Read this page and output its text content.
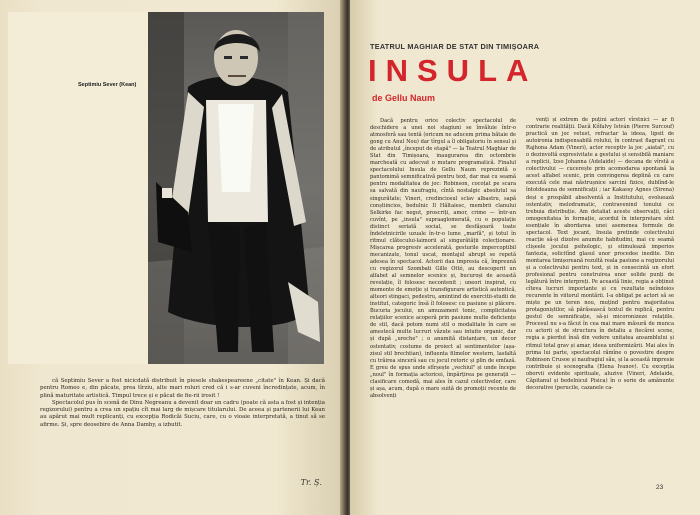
Septimiu Sever (Kean)

că Septimiu Sever a fost nicicdată distribuit în piesele shakespeareene „citate" în Kean. Și dacă pentru Romeo e, din păcate, prea tîrziu, alte mari roluri cred că i s-ar cuveni încredințate, acum, în plină maturitate artistică. Timpul trece și e păcat de fie-rii irosit !

Spectacolul pus în scenă de Dinu Negreanu a devenit doar un cadru (poate că asta a fost și intenția regizorului) pentru a crea un spațiu cît mai larg de mișcare titularului. De aceea și partenerii lui Kean au apărut mai mult replicanți, cu excepția Rodicăi Suciu, care, cu o vioaie interpretată, a tinut să se afirme. Și, spre deosebire de Anna Damby, a izbutit.

Tr. Ș.
TEATRUL MAGHIAR DE STAT DIN TIMIȘOARA
INSULA
de Gellu Naum

Dacă pentru orice colectiv spectacolul de deschidere a unei noi stagiuni se învăluie într-o atmosferă sau tentă (oricum ne aducem prima bătaie de gong cu Anul Nou) dar tîrgul a îl obligatoriu în sensul și de atributul „început de etapă" — la Teatrul Maghiar de Stat din Timișoara, inaugurarea din octombrie marcheată cu adecvat o mutare programatică. Finalul spectacolului Insula de Gellu Naum reprezintă o pantomimă semnificativă pentru text, dar mai cu seamă pentru modalitatea de joc: Robinson, cocoțat pe scara sa salvată din naufragiu, cîntă nostalgic absolutul sa singurătate; Vineri, credinciosul sclav albastru, sapă conștiincios, bedulnic Il Hăltaiesc, membrii clanului Selkirke fac negut, proscriți, amor, crime — într-un cuvînt, pe „insula" supraaglomerată, cu o populație distinct seriată social, se desfășoară toate îndeletnicirile uzuale în-tr-o lume „marfă", și totul în ritmul clătecului-laimorii al singurătății colecționare. Mișcarea progresiv accelerată, gesturile impercoptibil mecanizate, tonul uscat, montajul abrupt se repetă adesea în spectacol. Actorii dau impresia că, împreună cu regizorul Szombati Gille Ottó, au descoperit un alfabet al semnelor scenice și, bucuroși de această revelație, îl folosesc necontenit ; uneori inspirat, cu momente de emoție și transfigurare artistică autentică, alteori stingaci, pedestru, amintind de exercitii-studii de institut, categoric însă îl folosesc cu pasiune și plăcere. Bucuria jocului, un amuzament tonic, complicitatea relațiilor scenice acoperă prin pasiune multe deficiențe de stil, dacă potom numi stil o modalitate în care se amestecă multe lucruri văzute sau intuite organic, dar și după „ureche" ; o anumită distanțare, un decor ostentativ, costume de proiect al sentimentelor (așa-zisul stil brechtian), influenta filmelor western, lasfaltă cu trăirea sincerã sau cu jocul retoric și plin de emfază. E greu de spus unde sfîrșește „vechiul" și unde începe „noul" în formația actoricei, împărțirea pe generații — clasificare comodă, mai ales în cazul colectivelor, care și așa, acum, după o mare suită de promoții recente de absolvenți

venți și extrem de puțini actori vîrstnici — ar fi contrarie realității. Dacă Kőfalvy István (Pierre Surcouf) practică un joc vetust, refractar la ideea, lipsit de autoironia indispensabilă rolului, în contrast flagrant cu Rajhona Adam (Vineri), actor receptiv la joc „aiatal", cu o dezinvoltă expresivitate a gestului și sensibilă maniare a replicii, Izso Johanna (Adelaide) — decana de vîrstă a colectivului — cucerește prin acomodarea spontană la acest alfabet scenic, prin convingerea deplină cu care execută cele mai năstrușnice sarcini fizice, dublînd-le întotdeauna de semnificații ; iar Kakassy Agnes (Sirena) deși e prospăbil absolventă a Institutului, evoluează ostentativ, melodramatic, contravenind tonului ce trebuia distribuție. Am detaliat aceste observații, căci omogenitatea în formație, acordul în interpretare sînt esențiale în abordarea unei asemenea formule de spectacol. Text jocant, Insula pretinde colectivului reacție să-și dizolve anumite habitudini, mai cu seamă clișeele jocului psihologic, și stimulează imperios fantezia, solicitînd glasul unor procedee inedite. Din montarea timișoreană rezultă reala pasiune a regizorului și a colectivului pentru text, și in consecintă un efort profesional pentru construirea unor solide punți de legătură între interpreți. Pe această linie, regia a obținut cîteva lucruri importante și cu rezultate neîndoios recurente în viitorul montării. I-a obligat pe actori să se miște pe un teren nou, muțind pentru majoritatea protagoniștilor, să părăsească textul de replică, pentru gestul de semnificație, să-și micoronizeze relațiile. Procesul nu s-a făcut în cea mai mare măsură de munca cu actorii și de structura în detaliu a fiecărei scene, regia a pierdut însă din vedere unitatea ansamblului și ritmul total grav și amar, ideea uniformizării. Mai ales în prima lui parte, spectacolul rămîne o povestire despre Robinson Crusoe și naufragiul său, și la această impresie contribuie și scenografia (Elena Ivanov). Cu excepția oborvii evidente spirituale, aluzive (Vineri, Adelaide, Căpitanul și bedelnicul Pisica) în o serie de amănunte decorative (perucile, cazanele ca-

23
